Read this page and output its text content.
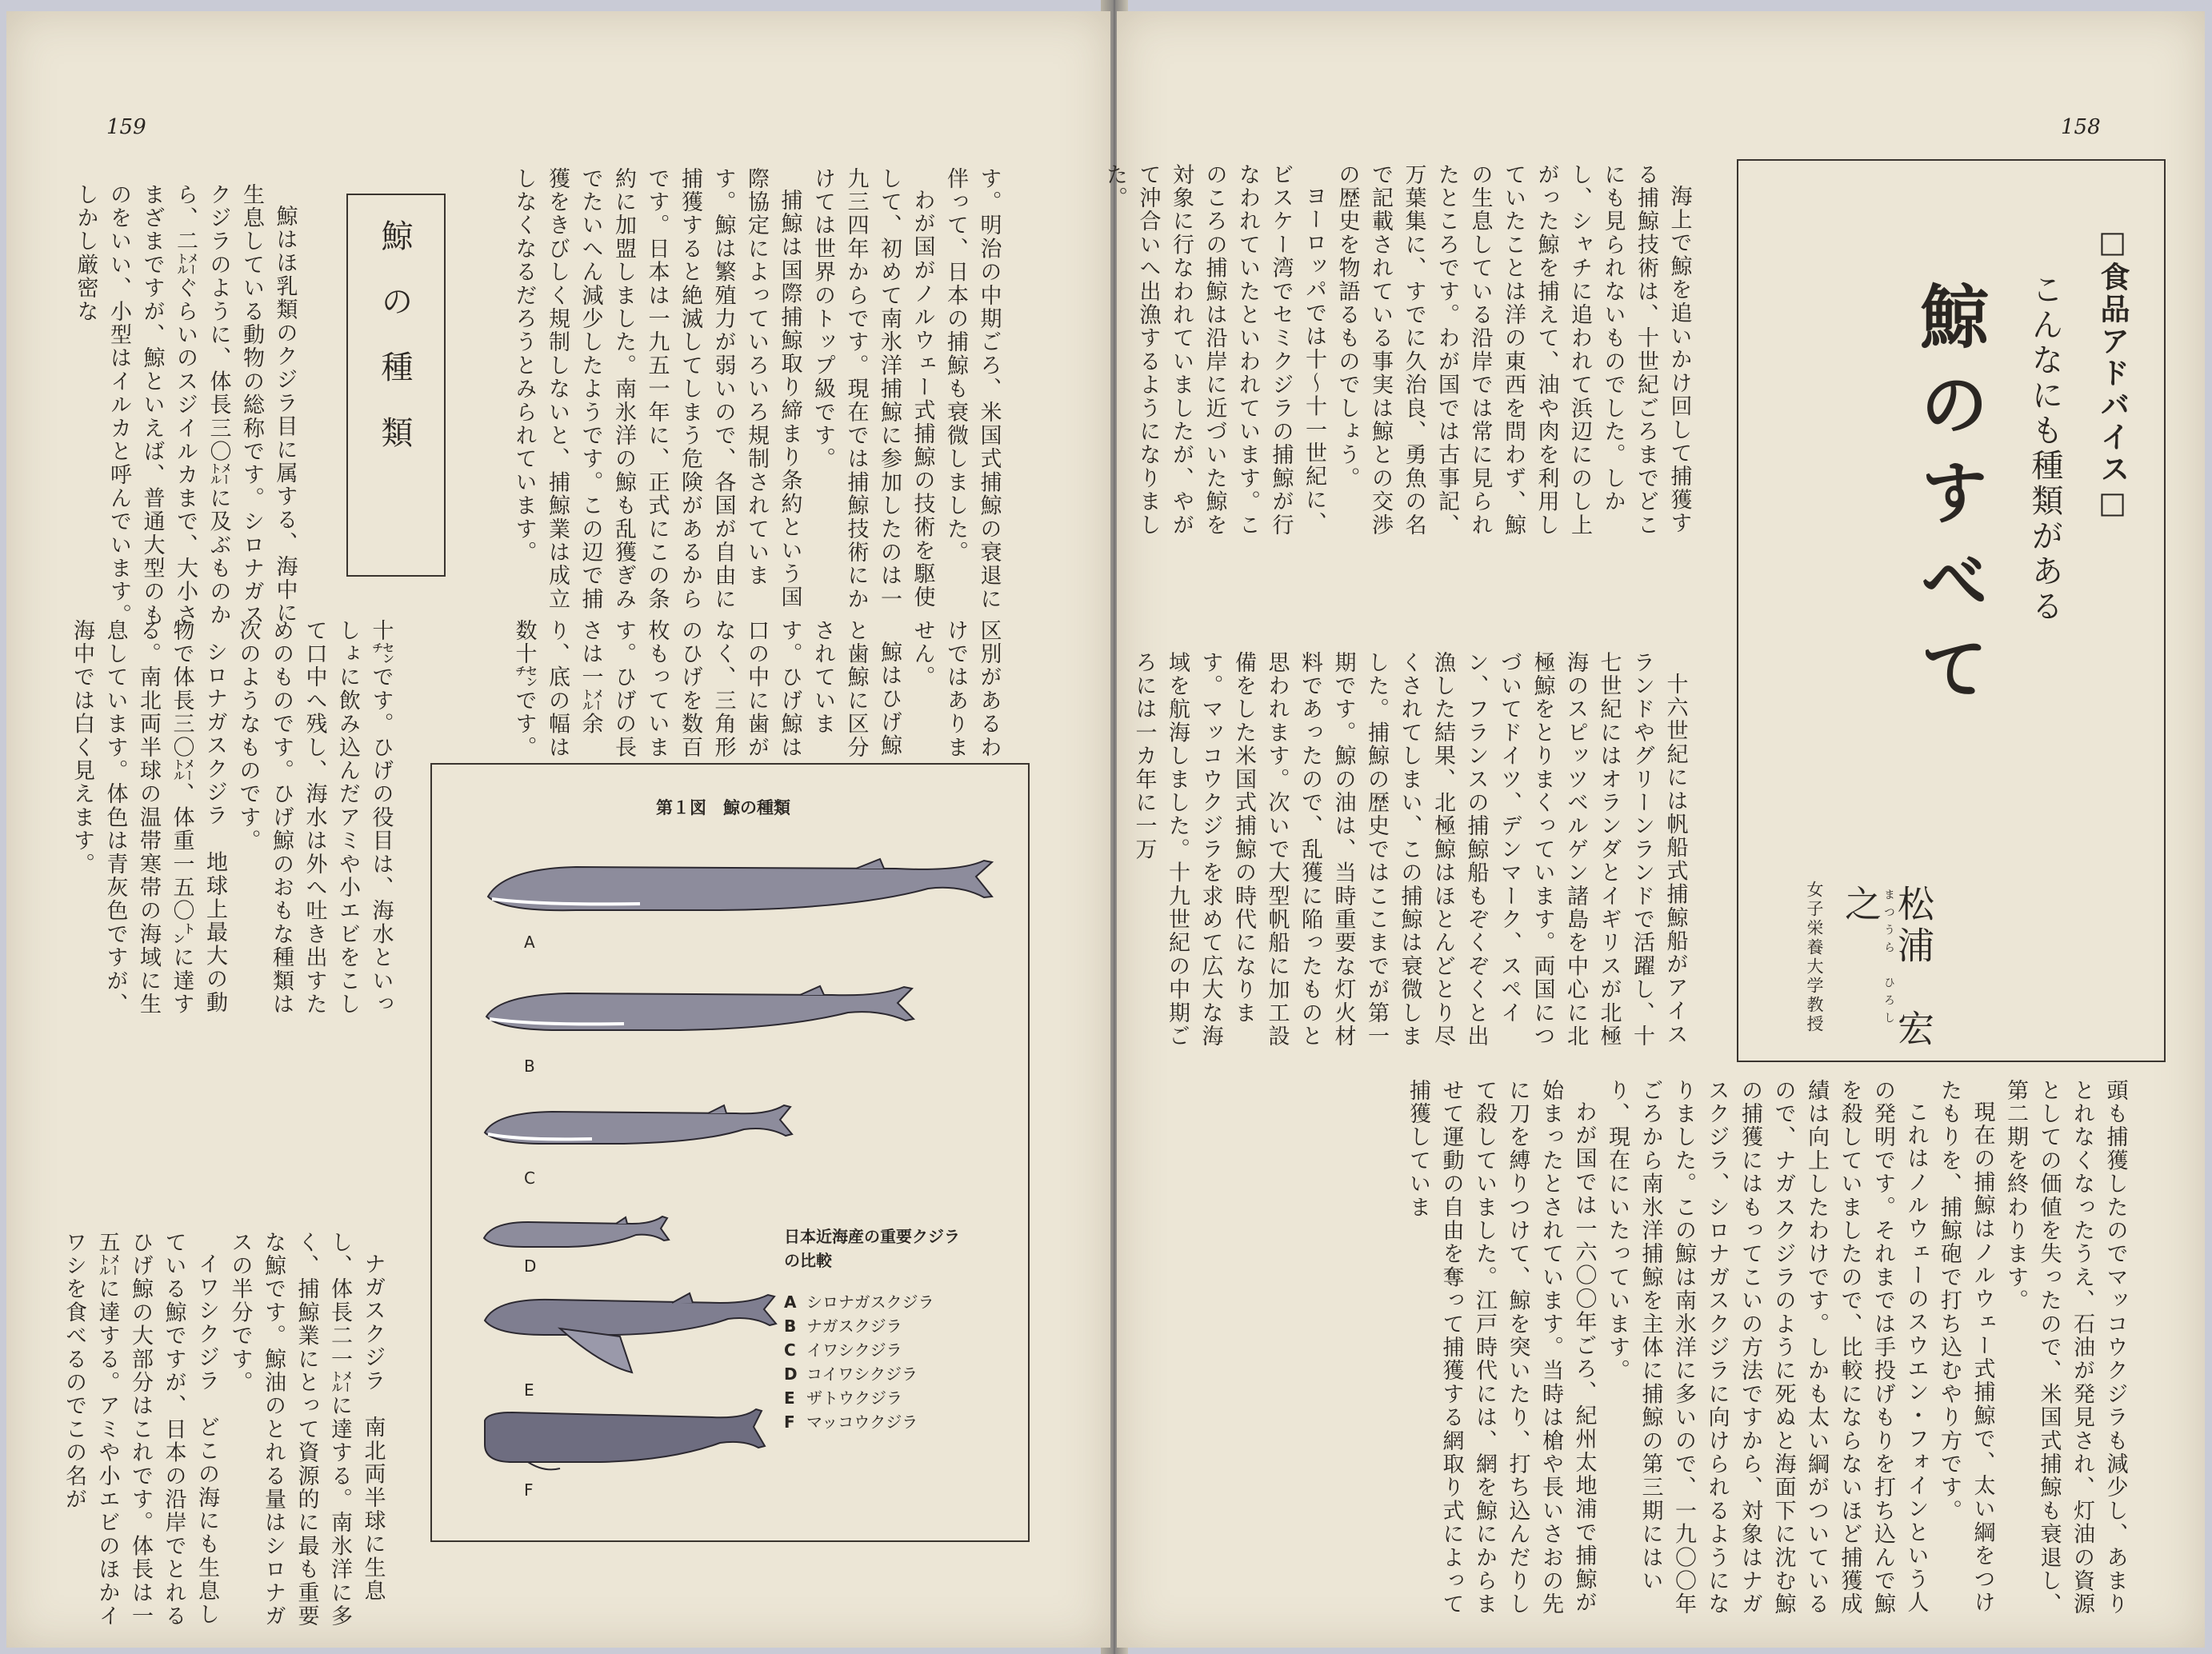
159

す。明治の中期ごろ、米国式捕鯨の衰退に伴って、日本の捕鯨も衰微しました。

わが国がノルウェー式捕鯨の技術を駆使して、初めて南氷洋捕鯨に参加したのは一九三四年からです。現在では捕鯨技術にかけては世界のトップ級です。

捕鯨は国際捕鯨取り締まり条約という国際協定によっていろいろ規制されています。鯨は繁殖力が弱いので、各国が自由に捕獲すると絶滅してしまう危険があるからです。日本は一九五一年に、正式にこの条約に加盟しました。南氷洋の鯨も乱獲ぎみでたいへん減少したようです。この辺で捕獲をきびしく規制しないと、捕鯨業は成立しなくなるだろうとみられています。

鯨の種類

鯨はほ乳類のクジラ目に属する、海中に生息している動物の総称です。シロナガスクジラのように、体長三〇㍍に及ぶものから、二㍍ぐらいのスジイルカまで、大小さまざまですが、鯨といえば、普通大型のものをいい、小型はイルカと呼んでいます。しかし厳密な

区別があるわけではありません。

鯨はひげ鯨と歯鯨に区分されています。ひげ鯨は口の中に歯がなく、三角形のひげを数百枚もっています。ひげの長さは一㍍余り、底の幅は数十㌢です。

十㌢です。ひげの役目は、海水といっしょに飲み込んだアミや小エビをこして口中へ残し、海水は外へ吐き出すためのものです。ひげ鯨のおもな種類は次のようなものです。

シロナガスクジラ　地球上最大の動物で体長三〇㍍、体重一五〇㌧に達する。南北両半球の温帯寒帯の海域に生息しています。体色は青灰色ですが、海中では白く見えます。

ナガスクジラ　南北両半球に生息し、体長二一㍍に達する。南氷洋に多く、捕鯨業にとって資源的に最も重要な鯨です。鯨油のとれる量はシロナガスの半分です。

イワシクジラ　どこの海にも生息している鯨ですが、日本の沿岸でとれるひげ鯨の大部分はこれです。体長は一五㍍に達する。アミや小エビのほかイワシを食べるのでこの名が

第１図　鯨の種類
A
B
C
D
E
F
日本近海産の重要クジラの比較
A シロナガスクジラ
B ナガスクジラ
C イワシクジラ
D コイワシクジラ
E ザトウクジラ
F マッコウクジラ
158
□食品アドバイス□
こんなにも種類がある
鯨のすべて
まつうら　ひろし
松浦　宏之
女子栄養大学教授

海上で鯨を追いかけ回して捕獲する捕鯨技術は、十世紀ごろまでどこにも見られないものでした。しかし、シャチに追われて浜辺にのし上がった鯨を捕えて、油や肉を利用していたことは洋の東西を問わず、鯨の生息している沿岸では常に見られたところです。わが国では古事記、万葉集に、すでに久治良、勇魚の名で記載されている事実は鯨との交渉の歴史を物語るものでしょう。

ヨーロッパでは十〜十一世紀に、ビスケー湾でセミクジラの捕鯨が行なわれていたといわれています。このころの捕鯨は沿岸に近づいた鯨を対象に行なわれていましたが、やがて沖合いへ出漁するようになりました。

十六世紀には帆船式捕鯨船がアイスランドやグリーンランドで活躍し、十七世紀にはオランダとイギリスが北極海のスピッツベルゲン諸島を中心に北極鯨をとりまくっています。両国につづいてドイツ、デンマーク、スペイン、フランスの捕鯨船もぞくぞくと出漁した結果、北極鯨はほとんどとり尽くされてしまい、この捕鯨は衰微しました。捕鯨の歴史ではここまでが第一期です。鯨の油は、当時重要な灯火材料であったので、乱獲に陥ったものと思われます。次いで大型帆船に加工設備をした米国式捕鯨の時代になります。マッコウクジラを求めて広大な海域を航海しました。十九世紀の中期ごろには一カ年に一万

頭も捕獲したのでマッコウクジラも減少し、あまりとれなくなったうえ、石油が発見され、灯油の資源としての価値を失ったので、米国式捕鯨も衰退し、第二期を終わります。

現在の捕鯨はノルウェー式捕鯨で、太い綱をつけたもりを、捕鯨砲で打ち込むやり方です。

これはノルウェーのスウエン・フォインという人の発明です。それまでは手投げもりを打ち込んで鯨を殺していましたので、比較にならないほど捕獲成績は向上したわけです。しかも太い綱がついているので、ナガスクジラのように死ぬと海面下に沈む鯨の捕獲にはもってこいの方法ですから、対象はナガスクジラ、シロナガスクジラに向けられるようになりました。この鯨は南氷洋に多いので、一九〇〇年ごろから南氷洋捕鯨を主体に捕鯨の第三期にはいり、現在にいたっています。

わが国では一六〇〇年ごろ、紀州太地浦で捕鯨が始まったとされています。当時は槍や長いさおの先に刀を縛りつけて、鯨を突いたり、打ち込んだりして殺していました。江戸時代には、網を鯨にからませて運動の自由を奪って捕獲する網取り式によって捕獲していま
